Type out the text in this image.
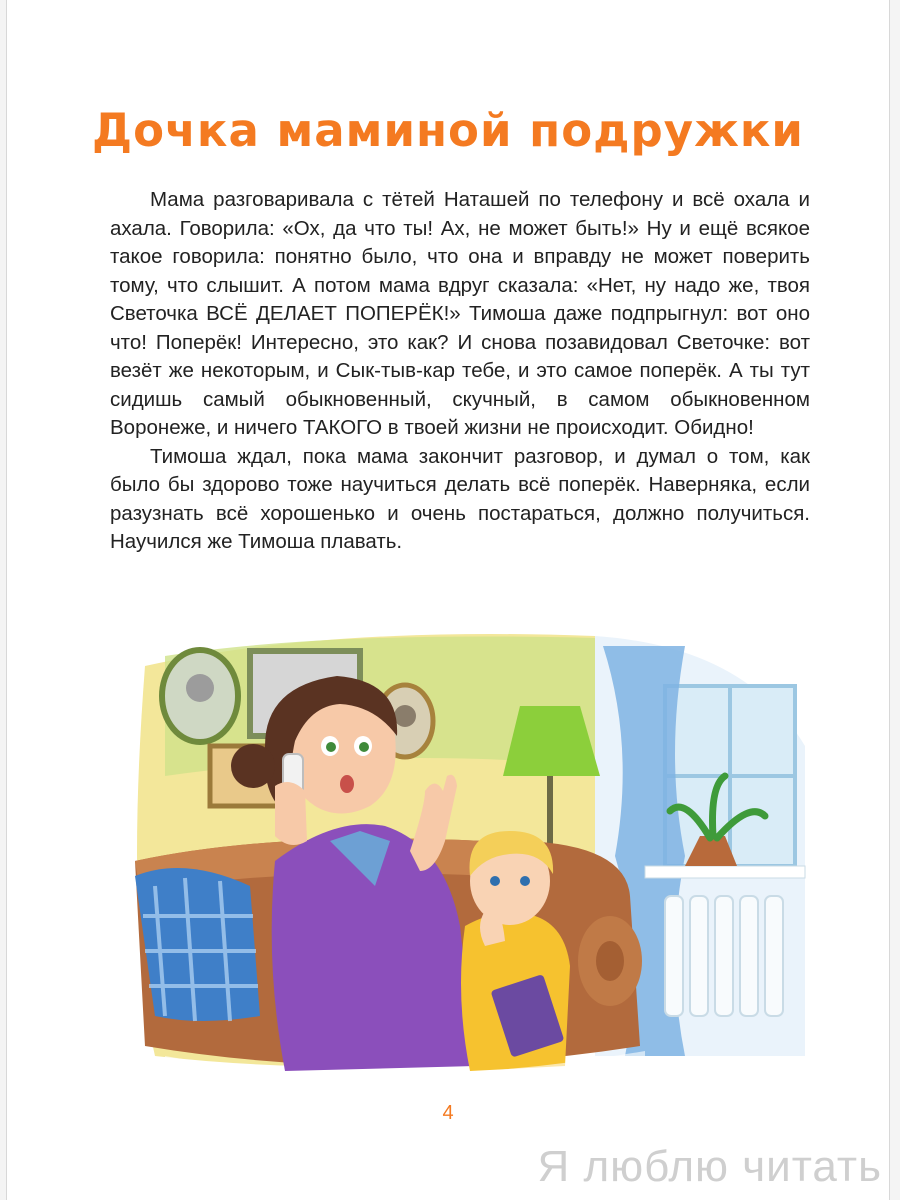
Дочка маминой подружки

Мама разговаривала с тётей Наташей по телефону и всё охала и ахала. Говорила: «Ох, да что ты! Ах, не может быть!» Ну и ещё всякое такое говорила: понятно было, что она и вправду не может поверить тому, что слышит. А потом мама вдруг сказала: «Нет, ну надо же, твоя Светочка ВСЁ ДЕЛАЕТ ПОПЕРЁК!» Тимоша даже подпрыгнул: вот оно что! Поперёк! Интересно, это как? И снова позавидовал Светочке: вот везёт же некоторым, и Сык-тыв-кар тебе, и это самое поперёк. А ты тут сидишь самый обыкновенный, скучный, в самом обыкновенном Воронеже, и ничего ТАКОГО в твоей жизни не происходит. Обидно!

Тимоша ждал, пока мама закончит разговор, и думал о том, как было бы здорово тоже научиться делать всё поперёк. Наверняка, если разузнать всё хорошенько и очень постараться, должно получиться. Научился же Тимоша плавать.

4
Я люблю читать
